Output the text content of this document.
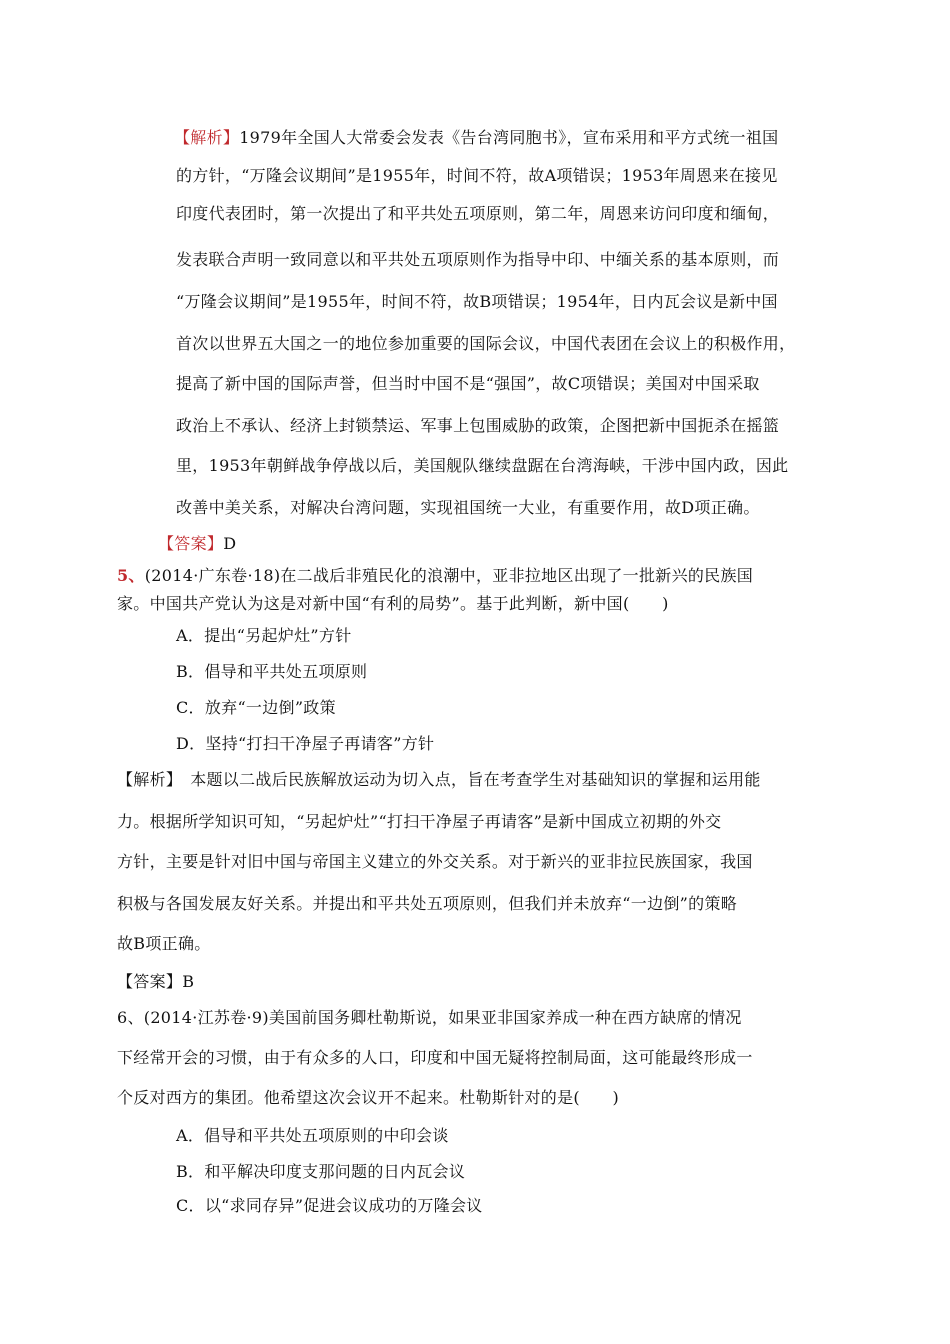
【解析】1979年全国人大常委会发表《告台湾同胞书》，宣布采用和平方式统一祖国
的方针，“万隆会议期间”是1955年，时间不符，故A项错误；1953年周恩来在接见
印度代表团时，第一次提出了和平共处五项原则，第二年，周恩来访问印度和缅甸，
发表联合声明一致同意以和平共处五项原则作为指导中印、中缅关系的基本原则，而
“万隆会议期间”是1955年，时间不符，故B项错误；1954年，日内瓦会议是新中国
首次以世界五大国之一的地位参加重要的国际会议，中国代表团在会议上的积极作用，
提高了新中国的国际声誉，但当时中国不是“强国”，故C项错误；美国对中国采取
政治上不承认、经济上封锁禁运、军事上包围威胁的政策，企图把新中国扼杀在摇篮
里，1953年朝鲜战争停战以后，美国舰队继续盘踞在台湾海峡，干涉中国内政，因此
改善中美关系，对解决台湾问题，实现祖国统一大业，有重要作用，故D项正确。
【答案】D
5、(2014·广东卷·18)在二战后非殖民化的浪潮中，亚非拉地区出现了一批新兴的民族国
家。中国共产党认为这是对新中国“有利的局势”。基于此判断，新中国(　　)
A．提出“另起炉灶”方针
B．倡导和平共处五项原则
C．放弃“一边倒”政策
D．坚持“打扫干净屋子再请客”方针
【解析】 本题以二战后民族解放运动为切入点，旨在考查学生对基础知识的掌握和运用能
力。根据所学知识可知，“另起炉灶”“打扫干净屋子再请客”是新中国成立初期的外交
方针，主要是针对旧中国与帝国主义建立的外交关系。对于新兴的亚非拉民族国家，我国
积极与各国发展友好关系。并提出和平共处五项原则，但我们并未放弃“一边倒”的策略
故B项正确。
【答案】B
6、(2014·江苏卷·9)美国前国务卿杜勒斯说，如果亚非国家养成一种在西方缺席的情况
下经常开会的习惯，由于有众多的人口，印度和中国无疑将控制局面，这可能最终形成一
个反对西方的集团。他希望这次会议开不起来。杜勒斯针对的是(　　)
A．倡导和平共处五项原则的中印会谈
B．和平解决印度支那问题的日内瓦会议
C．以“求同存异”促进会议成功的万隆会议
